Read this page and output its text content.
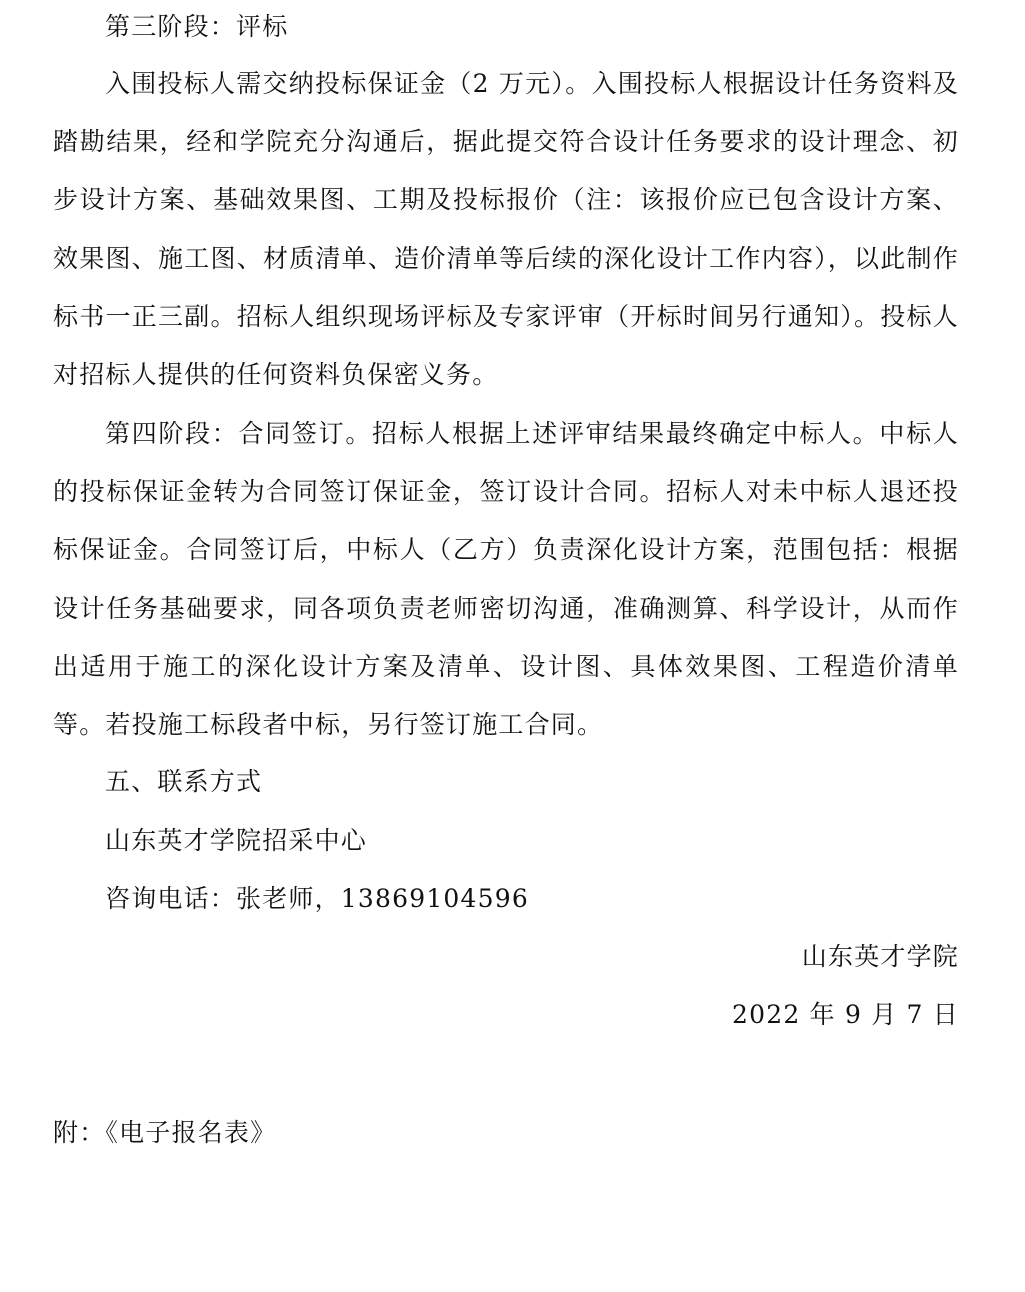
第三阶段：评标

入围投标人需交纳投标保证金（2 万元）。入围投标人根据设计任务资料及踏勘结果，经和学院充分沟通后，据此提交符合设计任务要求的设计理念、初步设计方案、基础效果图、工期及投标报价（注：该报价应已包含设计方案、效果图、施工图、材质清单、造价清单等后续的深化设计工作内容），以此制作标书一正三副。招标人组织现场评标及专家评审（开标时间另行通知）。投标人对招标人提供的任何资料负保密义务。

第四阶段：合同签订。招标人根据上述评审结果最终确定中标人。中标人的投标保证金转为合同签订保证金，签订设计合同。招标人对未中标人退还投标保证金。合同签订后，中标人（乙方）负责深化设计方案，范围包括：根据设计任务基础要求，同各项负责老师密切沟通，准确测算、科学设计，从而作出适用于施工的深化设计方案及清单、设计图、具体效果图、工程造价清单等。若投施工标段者中标，另行签订施工合同。

五、联系方式
山东英才学院招采中心
咨询电话：张老师，13869104596
山东英才学院
2022 年 9 月 7 日
附：《电子报名表》
